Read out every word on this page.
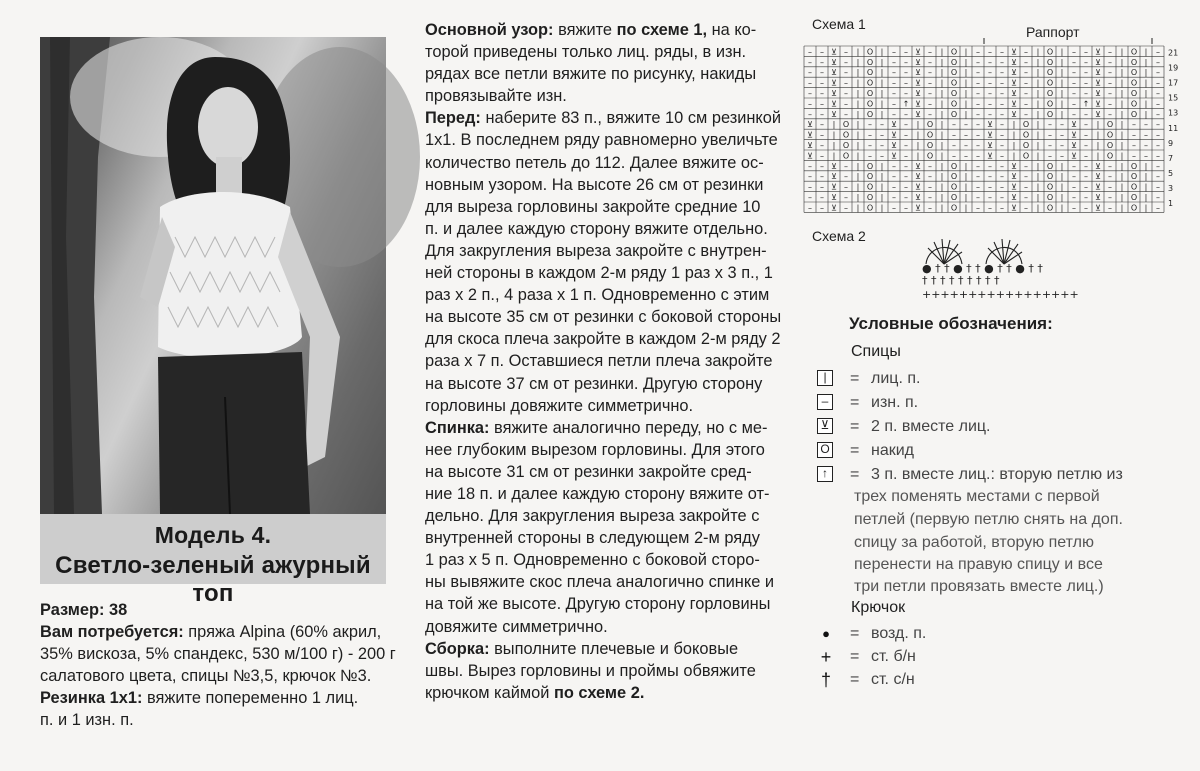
Модель 4.
Светло-зеленый ажурный топ
Размер: 38
Вам потребуется: пряжа Alpina (60% акрил,
35% вискоза, 5% спандекс, 530 м/100 г) - 200 г
салатового цвета, спицы №3,5, крючок №3.
Резинка 1х1: вяжите попеременно 1 лиц.
п. и 1 изн. п.
Основной узор: вяжите по схеме 1, на ко-
торой приведены только лиц. ряды, в изн.
рядах все петли вяжите по рисунку, накиды
провязывайте изн.
Перед: наберите 83 п., вяжите 10 см резинкой
1х1. В последнем ряду равномерно увеличьте
количество петель до 112. Далее вяжите ос-
новным узором. На высоте 26 см от резинки
для выреза горловины закройте средние 10
п. и далее каждую сторону вяжите отдельно.
Для закругления выреза закройте с внутрен-
ней стороны в каждом 2-м ряду 1 раз х 3 п., 1
раз х 2 п., 4 раза х 1 п. Одновременно с этим
на высоте 35 см от резинки с боковой стороны
для скоса плеча закройте в каждом 2-м ряду 2
раза х 7 п. Оставшиеся петли плеча закройте
на высоте 37 см от резинки. Другую сторону
горловины довяжите симметрично.
Спинка: вяжите аналогично переду, но с ме-
нее глубоким вырезом горловины. Для этого
на высоте 31 см от резинки закройте сред-
ние 18 п. и далее каждую сторону вяжите от-
дельно. Для закругления выреза закройте с
внутренней стороны в следующем 2-м ряду
1 раз х 5 п. Одновременно с боковой сторо-
ны вывяжите скос плеча аналогично спинке и
на той же высоте. Другую сторону горловины
довяжите симметрично.
Сборка: выполните плечевые и боковые
швы. Вырез горловины и проймы обвяжите
крючком каймой по схеме 2.
Схема 1	Раппорт
– – ⊻ – | O | – – ⊻ – | O | – – – ⊻ – | O | – – ⊻ – | O | –
– – ⊻ – | O | – – ⊻ – | O | – – – ⊻ – | O | – – ⊻ – | O | –
– – ⊻ – | O | – – ⊻ – | O | – – – ⊻ – | O | – – ⊻ – | O | –
– – ⊻ – | O | – – ⊻ – | O | – – – ⊻ – | O | – – ⊻ – | O | –
– – ⊻ – | O | – – ⊻ – | O | – – – ⊻ – | O | – – ⊻ – | O | –
– – ⊻ – | O | – ↑ ⊻ – | O | – – – ⊻ – | O | – ↑ ⊻ – | O | –
– – ⊻ – | O | – – ⊻ – | O | – – – ⊻ – | O | – – ⊻ – | O | –
⊻ – | O | – – ⊻ – | O | – – – ⊻ – | O | – – ⊻ – | O | – – –
⊻ – | O | – – ⊻ – | O | – – – ⊻ – | O | – – ⊻ – | O | – – –
⊻ – | O | – – ⊻ – | O | – – – ⊻ – | O | – – ⊻ – | O | – – –
⊻ – | O | – – ⊻ – | O | – – – ⊻ – | O | – – ⊻ – | O | – – –
– – ⊻ – | O | – – ⊻ – | O | – – – ⊻ – | O | – – ⊻ – | O | –
– – ⊻ – | O | – – ⊻ – | O | – – – ⊻ – | O | – – ⊻ – | O | –
– – ⊻ – | O | – – ⊻ – | O | – – – ⊻ – | O | – – ⊻ – | O | –
– – ⊻ – | O | – – ⊻ – | O | – – – ⊻ – | O | – – ⊻ – | O | –
– – ⊻ – | O | – – ⊻ – | O | – – – ⊻ – | O | – – ⊻ – | O | –
21
19
17
15
13
11
9
7
5
3
1
Схема 2
● † † ● † † ● † † ● † †
† † † † † † † † †
+++++++++++++++++
Условные обозначения:
Спицы
|	= лиц. п.
– = изн. п.
⊻ = 2 п. вместе лиц.
O = накид
↑	= 3 п. вместе лиц.: вторую петлю из
трех поменять местами с первой
петлей (первую петлю снять на доп.
спицу за работой, вторую петлю
перенести на правую спицу и все
три петли провязать вместе лиц.)
Крючок
●	= возд. п.
+ = ст. б/н
† = ст. с/н
